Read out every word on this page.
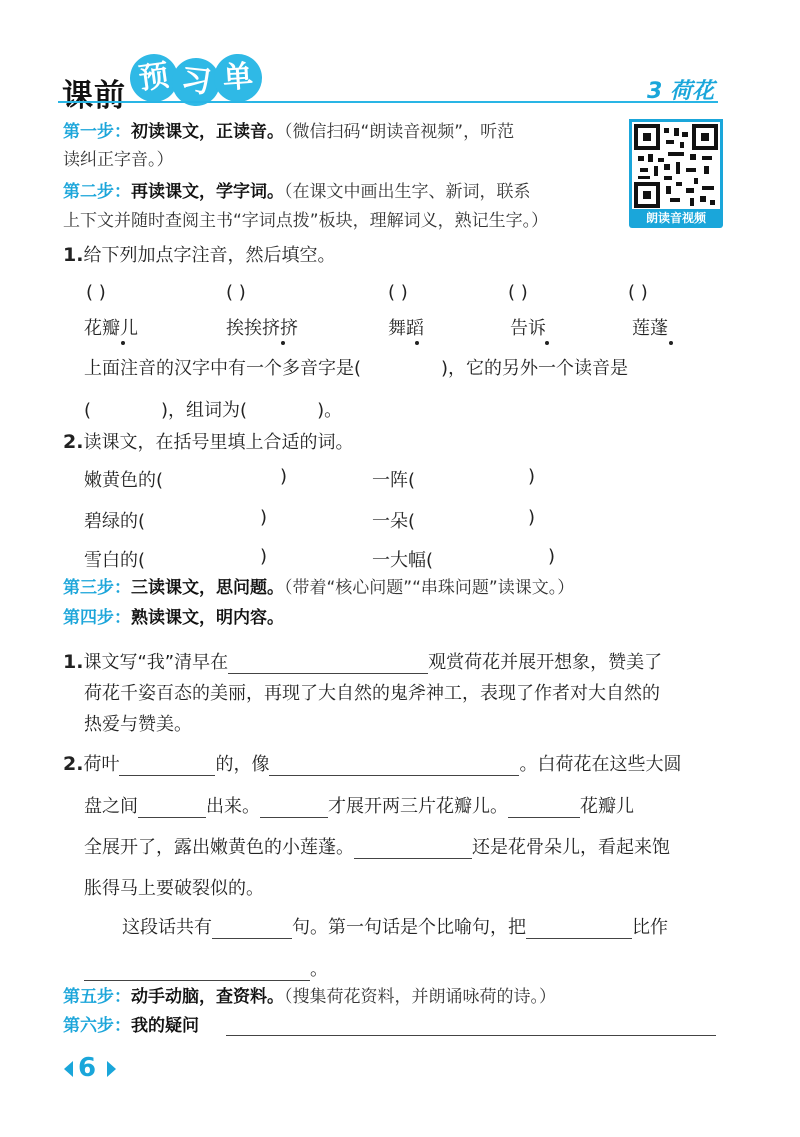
课前 预 习 单	3 荷花
朗读音视频
第一步：初读课文，正读音。（微信扫码“朗读音视频”，听范
读纠正字音。）
第二步：再读课文，学字词。（在课文中画出生字、新词，联系
上下文并随时查阅主书“字词点拨”板块，理解词义，熟记生字。）
1.给下列加点字注音，然后填空。
( )	( )	( )	( )	( )
花瓣儿	挨挨挤挤	舞蹈	告诉	莲蓬
上面注音的汉字中有一个多音字是(	)，它的另外一个读音是
(	)，组词为(	)。
2.读课文，在括号里填上合适的词。
嫩黄色的(	)	一阵(	)
碧绿的(	)	一朵(	)
雪白的(	)	一大幅(	)
第三步：三读课文，思问题。（带着“核心问题”“串珠问题”读课文。）
第四步：熟读课文，明内容。
1.课文写“我”清早在	观赏荷花并展开想象，赞美了
荷花千姿百态的美丽，再现了大自然的鬼斧神工，表现了作者对大自然的
热爱与赞美。
2.荷叶	的，像	。白荷花在这些大圆
盘之间	出来。	才展开两三片花瓣儿。	花瓣儿
全展开了，露出嫩黄色的小莲蓬。	还是花骨朵儿，看起来饱
胀得马上要破裂似的。
这段话共有	句。第一句话是个比喻句，把	比作
。
第五步：动手动脑，查资料。（搜集荷花资料，并朗诵咏荷的诗。）
第六步：我的疑问
6
